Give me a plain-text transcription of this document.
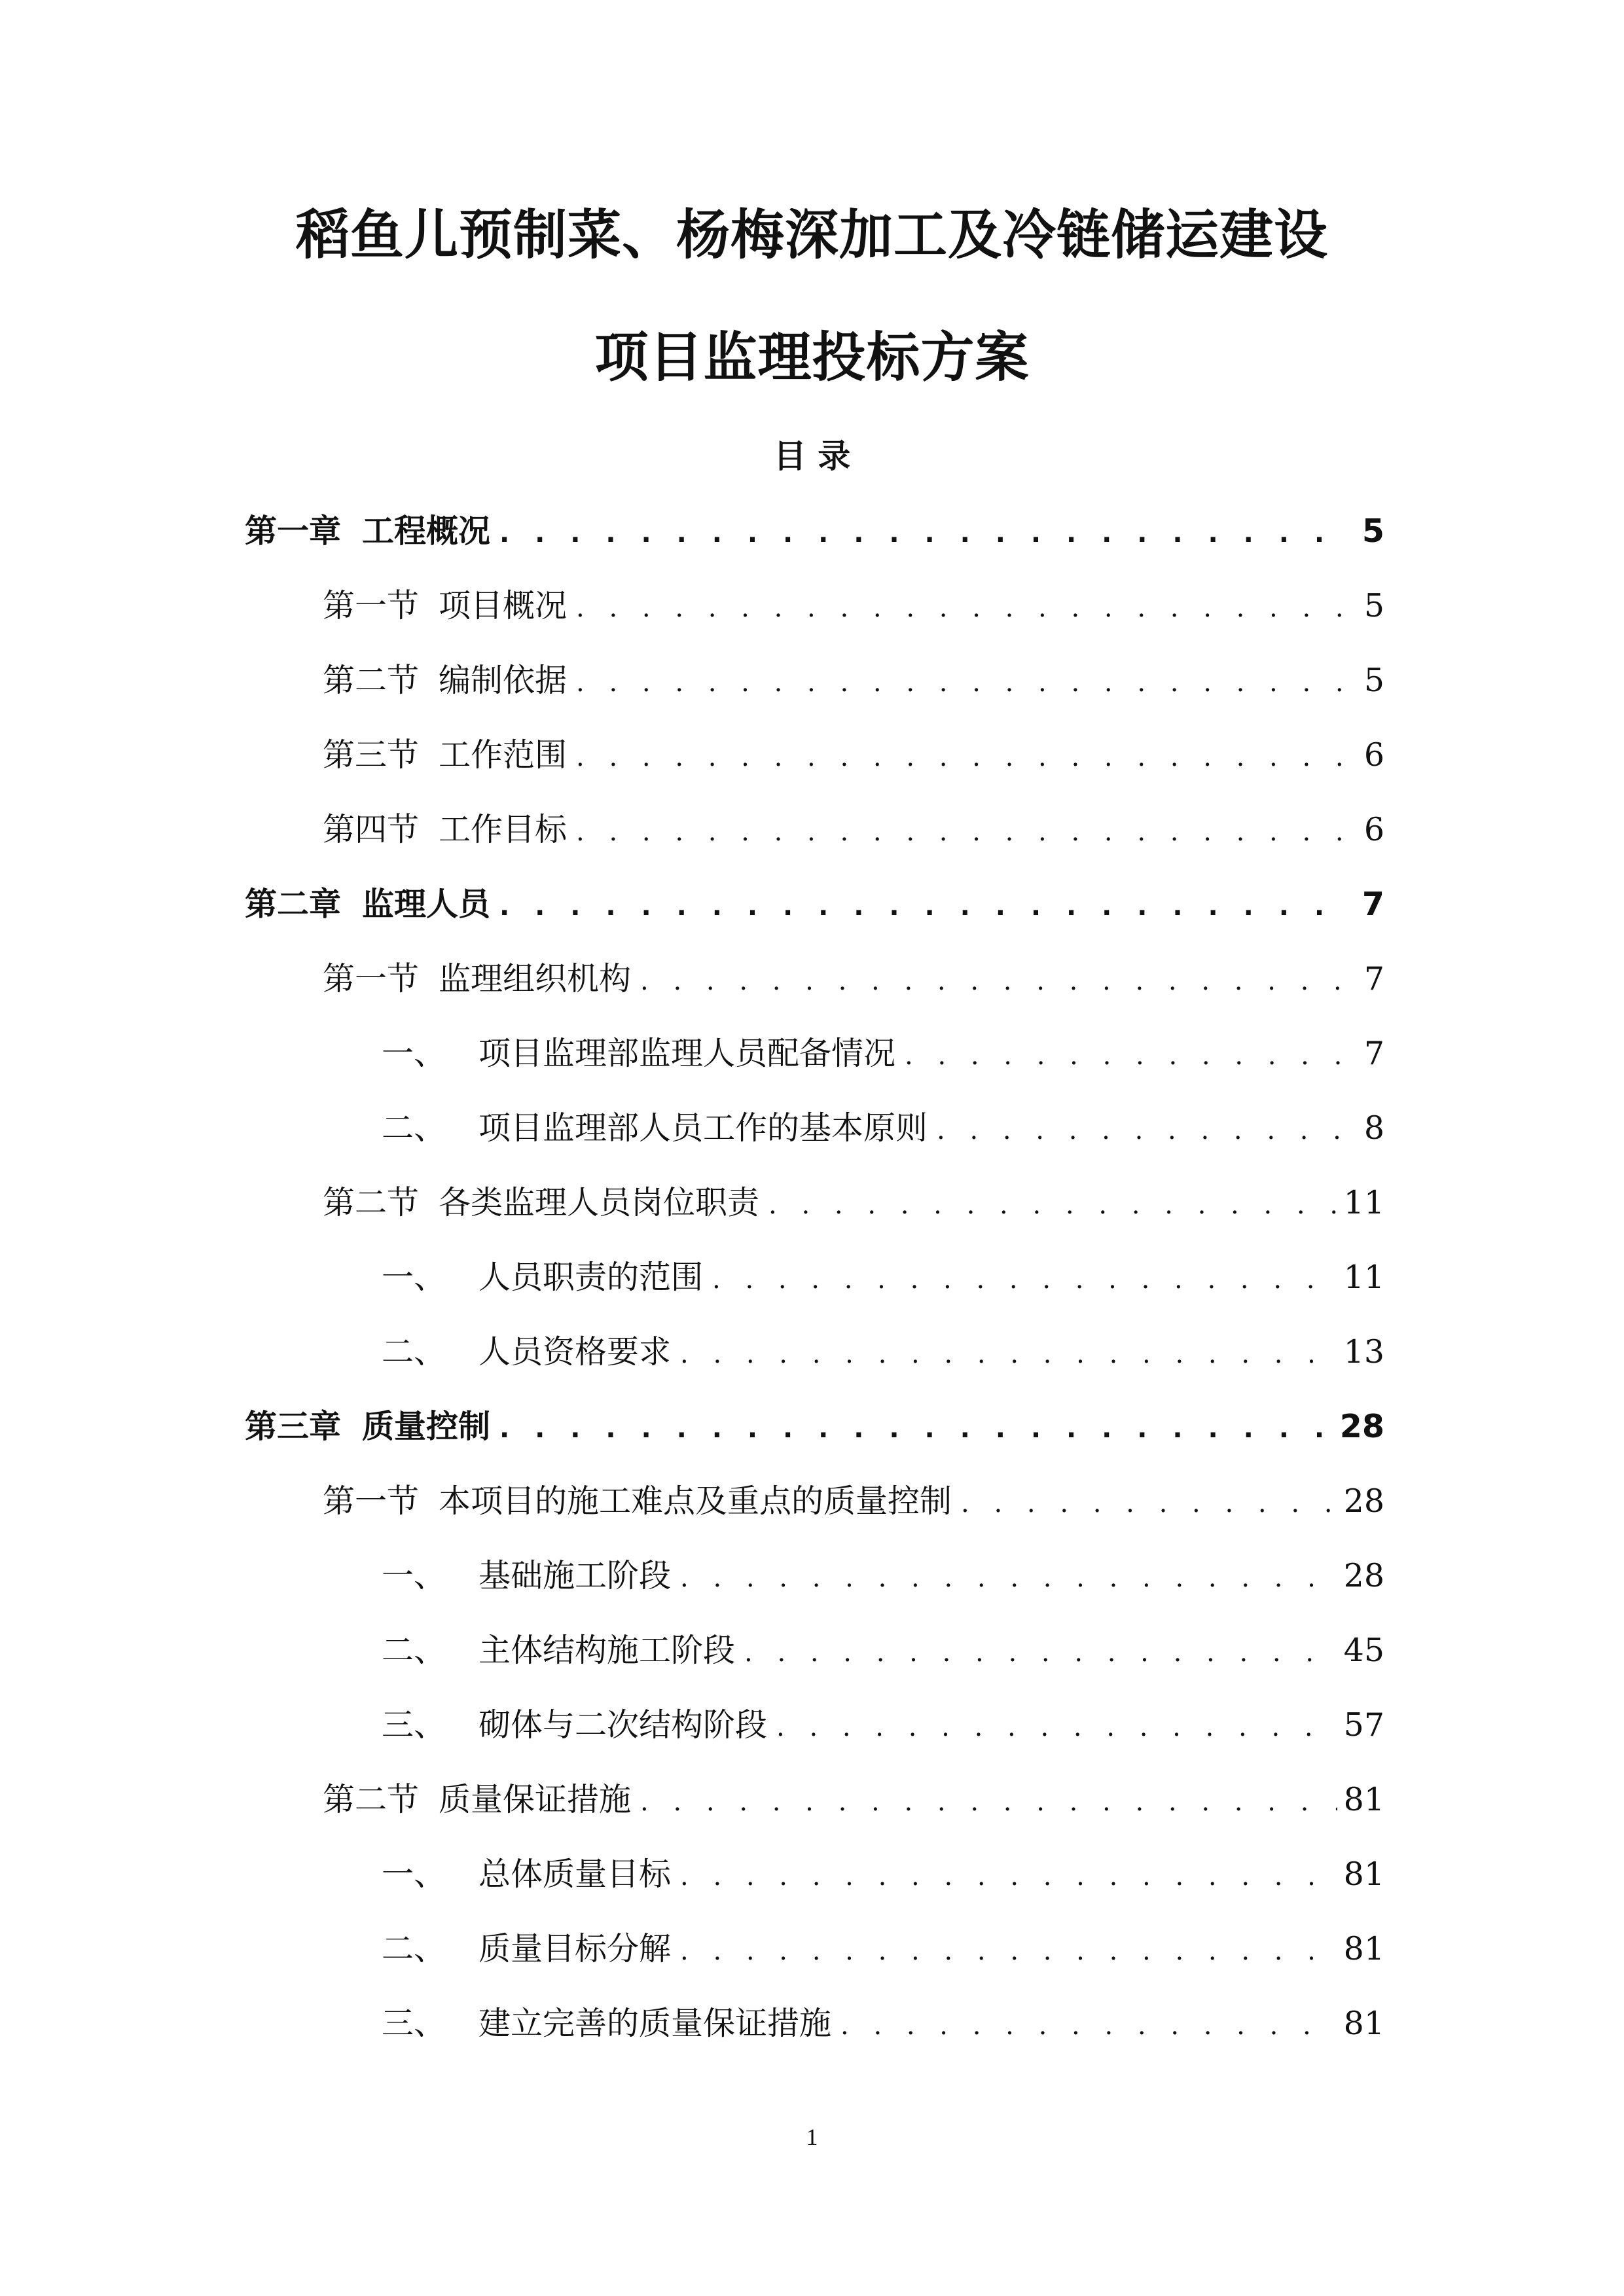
稻鱼儿预制菜、杨梅深加工及冷链储运建设
项目监理投标方案
目 录
第一章 工程概况 . . .	5
第一节 项目概况 . . .	5
第二节 编制依据 . . .	5
第三节 工作范围 . . .	6
第四节 工作目标 . . .	6
第二章 监理人员 . . .	7
第一节 监理组织机构 . . .	7
一、	项目监理部监理人员配备情况 . . .	7
二、	项目监理部人员工作的基本原则 . . .	8
第二节 各类监理人员岗位职责 . . .	11
一、	人员职责的范围 . . .	11
二、	人员资格要求 . . .	13
第三章 质量控制 . . .	28
第一节 本项目的施工难点及重点的质量控制 . . .	28
一、	基础施工阶段 . . .	28
二、	主体结构施工阶段 . . .	45
三、	砌体与二次结构阶段 . . .	57
第二节 质量保证措施 . . .	81
一、	总体质量目标 . . .	81
二、	质量目标分解 . . .	81
三、	建立完善的质量保证措施 . . .	81
1
